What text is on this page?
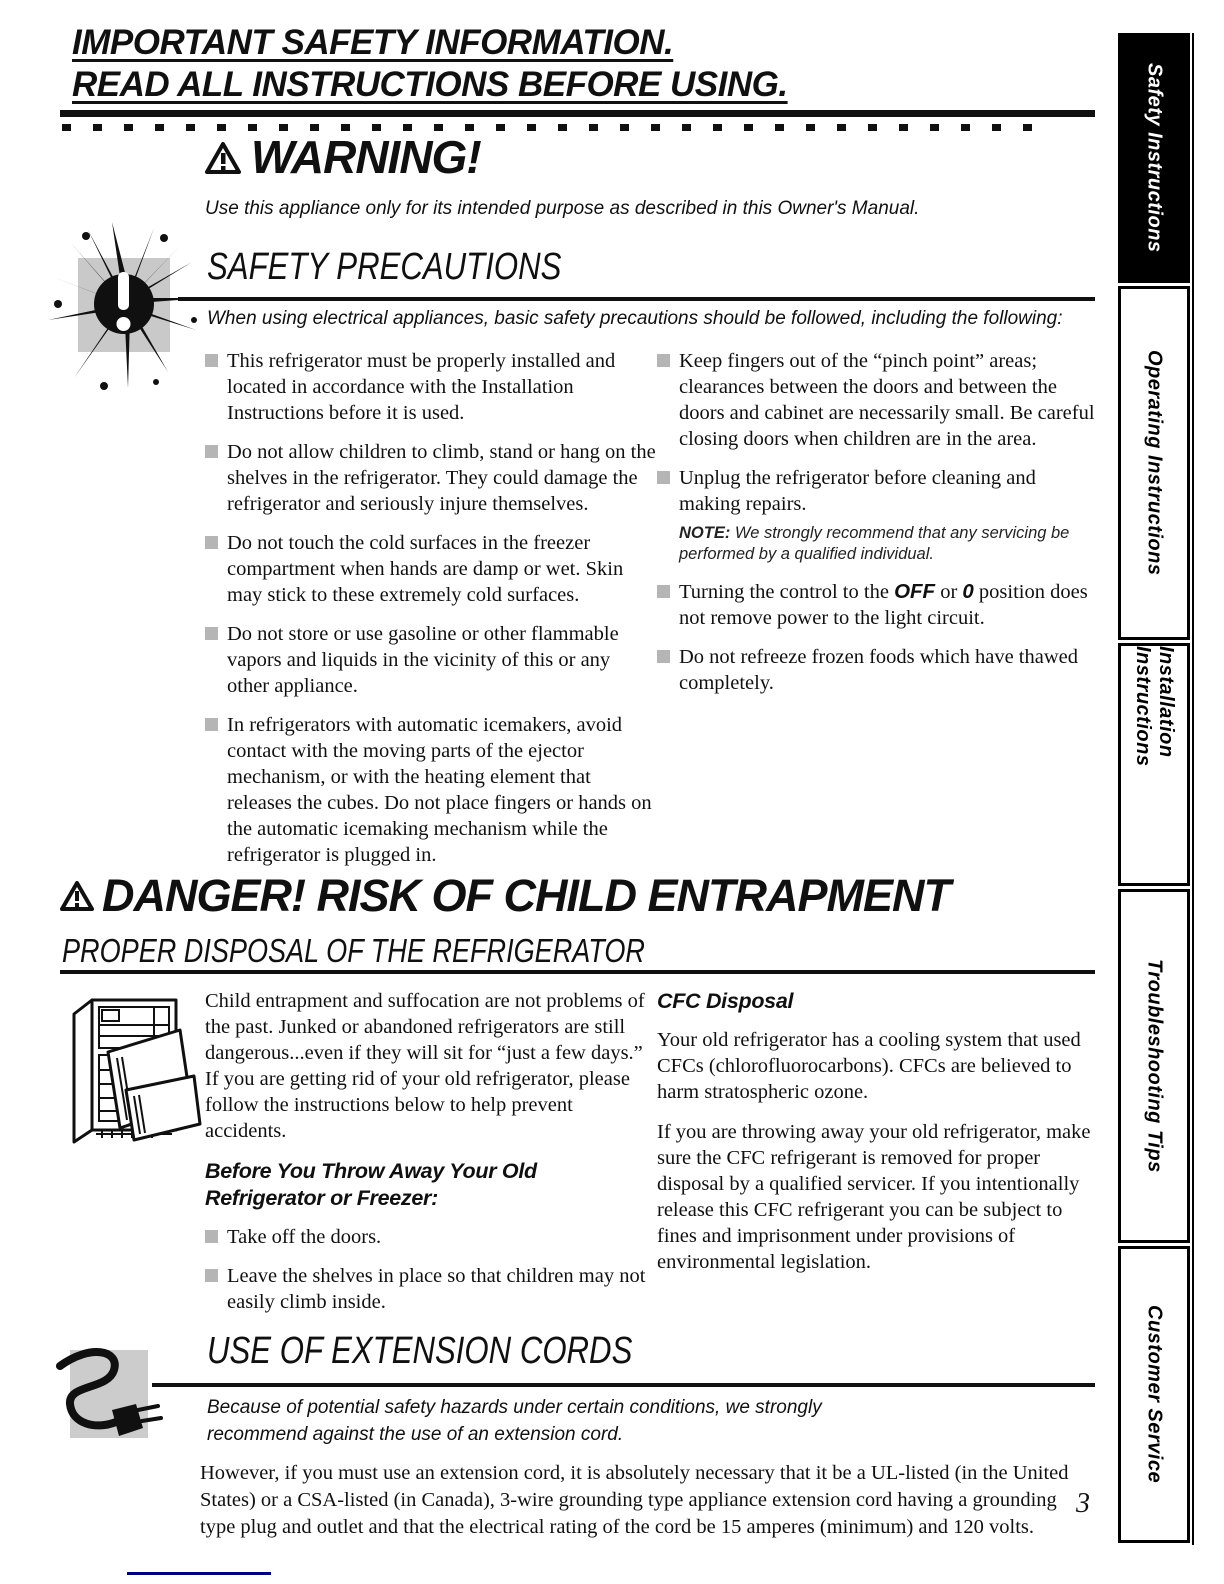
IMPORTANT SAFETY INFORMATION.
READ ALL INSTRUCTIONS BEFORE USING.
WARNING!
Use this appliance only for its intended purpose as described in this Owner's Manual.
SAFETY PRECAUTIONS
When using electrical appliances, basic safety precautions should be followed, including the following:
This refrigerator must be properly installed and located in accordance with the Installation Instructions before it is used.
Do not allow children to climb, stand or hang on the shelves in the refrigerator. They could damage the refrigerator and seriously injure themselves.
Do not touch the cold surfaces in the freezer compartment when hands are damp or wet. Skin may stick to these extremely cold surfaces.
Do not store or use gasoline or other flammable vapors and liquids in the vicinity of this or any other appliance.
In refrigerators with automatic icemakers, avoid contact with the moving parts of the ejector mechanism, or with the heating element that releases the cubes. Do not place fingers or hands on the automatic icemaking mechanism while the refrigerator is plugged in.
Keep fingers out of the “pinch point” areas; clearances between the doors and between the doors and cabinet are necessarily small. Be careful closing doors when children are in the area.
Unplug the refrigerator before cleaning and making repairs.
NOTE: We strongly recommend that any servicing be performed by a qualified individual.
Turning the control to the OFF or 0 position does not remove power to the light circuit.
Do not refreeze frozen foods which have thawed completely.
DANGER! RISK OF CHILD ENTRAPMENT
PROPER DISPOSAL OF THE REFRIGERATOR

Child entrapment and suffocation are not problems of the past. Junked or abandoned refrigerators are still dangerous...even if they will sit for “just a few days.” If you are getting rid of your old refrigerator, please follow the instructions below to help prevent accidents.

Before You Throw Away Your Old Refrigerator or Freezer:
Take off the doors.
Leave the shelves in place so that children may not easily climb inside.
CFC Disposal

Your old refrigerator has a cooling system that used CFCs (chlorofluorocarbons). CFCs are believed to harm stratospheric ozone.

If you are throwing away your old refrigerator, make sure the CFC refrigerant is removed for proper disposal by a qualified servicer. If you intentionally release this CFC refrigerant you can be subject to fines and imprisonment under provisions of environmental legislation.

USE OF EXTENSION CORDS
Because of potential safety hazards under certain conditions, we strongly recommend against the use of an extension cord.
However, if you must use an extension cord, it is absolutely necessary that it be a UL-listed (in the United States) or a CSA-listed (in Canada), 3-wire grounding type appliance extension cord having a grounding type plug and outlet and that the electrical rating of the cord be 15 amperes (minimum) and 120 volts.
3
Safety Instructions
Operating Instructions
Installation Instructions
Troubleshooting Tips
Customer Service
